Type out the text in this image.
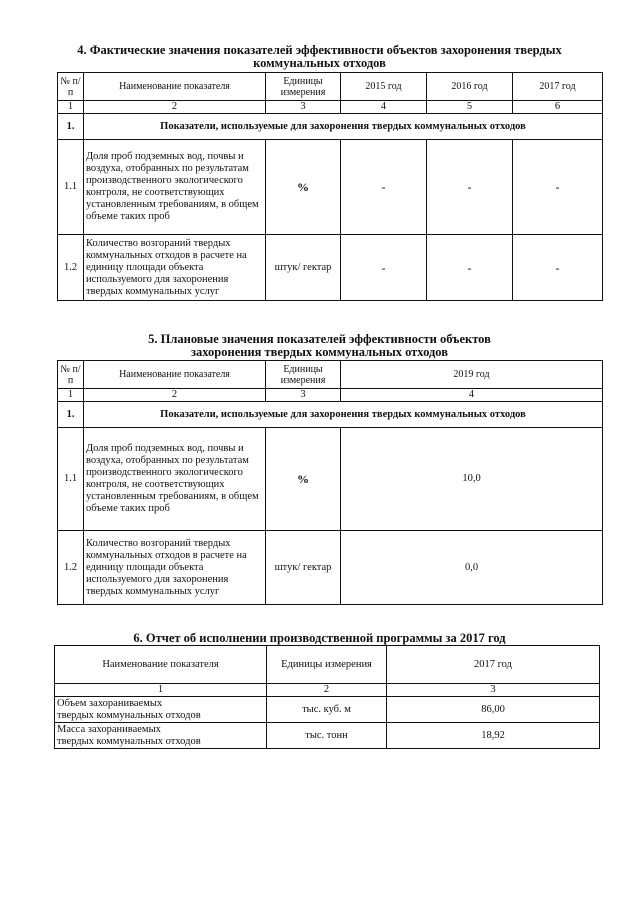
4. Фактические значения показателей эффективности объектов захоронения твердых
коммунальных отходов
№ п/п	Наименование показателя	Единицы измерения	2015 год	2016 год	2017 год
1	2	3	4	5	6
1.	Показатели, используемые для захоронения твердых коммунальных отходов				
1.1	Доля проб подземных вод, почвы и воздуха, отобранных по результатам производственного экологического контроля, не соответствующих установленным требованиям, в общем объеме таких проб	%	-	-	-
1.2	Количество возгораний твердых коммунальных отходов в расчете на единицу площади объекта используемого для захоронения твердых коммунальных услуг	штук/ гектар	-	-	-
5. Плановые значения показателей эффективности объектов
захоронения твердых коммунальных отходов
№ п/п	Наименование показателя	Единицы измерения	2019 год
1	2	3	4
1.	Показатели, используемые для захоронения твердых коммунальных отходов		
1.1	Доля проб подземных вод, почвы и воздуха, отобранных по результатам производственного экологического контроля, не соответствующих установленным требованиям, в общем объеме таких проб	%	10,0
1.2	Количество возгораний твердых коммунальных отходов в расчете на единицу площади объекта используемого для захоронения твердых коммунальных услуг	штук/ гектар	0,0
6. Отчет об исполнении производственной программы за 2017 год
Наименование показателя	Единицы измерения	2017 год
1	2	3

Объем захораниваемых
твердых коммунальных отходов	тыс. куб. м	86,00

Масса захораниваемых
твердых коммунальных отходов	тыс. тонн	18,92
